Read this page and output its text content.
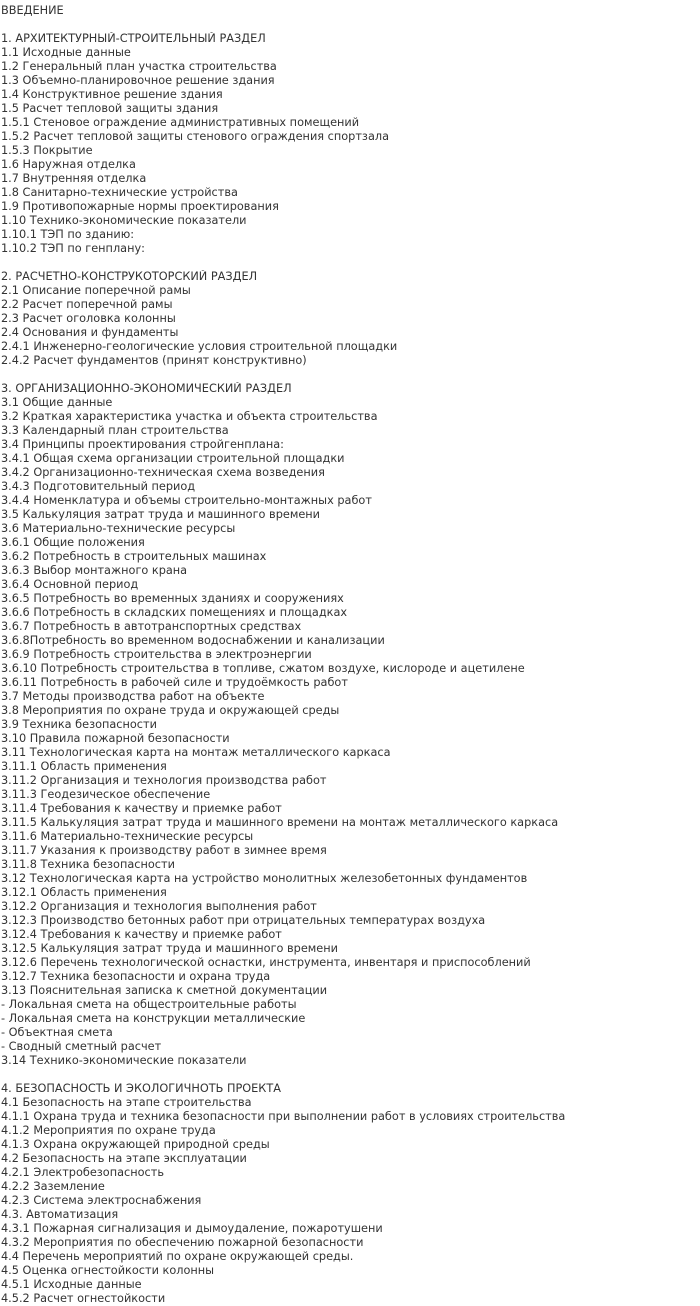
ВВЕДЕНИЕ
1. АРХИТЕКТУРНЫЙ-СТРОИТЕЛЬНЫЙ РАЗДЕЛ
1.1 Исходные данные
1.2 Генеральный план участка строительства
1.3 Объемно-планировочное решение здания
1.4 Конструктивное решение здания
1.5 Расчет тепловой защиты здания
1.5.1 Стеновое ограждение административных помещений
1.5.2 Расчет тепловой защиты стенового ограждения спортзала
1.5.3 Покрытие
1.6 Наружная отделка
1.7 Внутренняя отделка
1.8 Санитарно-технические устройства
1.9 Противопожарные нормы проектирования
1.10 Технико-экономические показатели
1.10.1 ТЭП по зданию:
1.10.2 ТЭП по генплану:
2. РАСЧЕТНО-КОНСТРУКОТОРСКИЙ РАЗДЕЛ
2.1 Описание поперечной рамы
2.2 Расчет поперечной рамы
2.3 Расчет оголовка колонны
2.4 Основания и фундаменты
2.4.1 Инженерно-геологические условия строительной площадки
2.4.2 Расчет фундаментов (принят конструктивно)
3. ОРГАНИЗАЦИОННО-ЭКОНОМИЧЕСКИЙ РАЗДЕЛ
3.1 Общие данные
3.2 Краткая характеристика участка и объекта строительства
3.3 Календарный план строительства
3.4 Принципы проектирования стройгенплана:
3.4.1 Общая схема организации строительной площадки
3.4.2 Организационно-техническая схема возведения
3.4.3 Подготовительный период
3.4.4 Номенклатура и объемы строительно-монтажных работ
3.5 Калькуляция затрат труда и машинного времени
3.6 Материально-технические ресурсы
3.6.1 Общие положения
3.6.2 Потребность в строительных машинах
3.6.3 Выбор монтажного крана
3.6.4 Основной период
3.6.5 Потребность во временных зданиях и сооружениях
3.6.6 Потребность в складских помещениях и площадках
3.6.7 Потребность в автотранспортных средствах
3.6.8Потребность во временном водоснабжении и канализации
3.6.9 Потребность строительства в электроэнергии
3.6.10 Потребность строительства в топливе, сжатом воздухе, кислороде и ацетилене
3.6.11 Потребность в рабочей силе и трудоёмкость работ
3.7 Методы производства работ на объекте
3.8 Мероприятия по охране труда и окружающей среды
3.9 Техника безопасности
3.10 Правила пожарной безопасности
3.11 Технологическая карта на монтаж металлического каркаса
3.11.1 Область применения
3.11.2 Организация и технология производства работ
3.11.3 Геодезическое обеспечение
3.11.4 Требования к качеству и приемке работ
3.11.5 Калькуляция затрат труда и машинного времени на монтаж металлического каркаса
3.11.6 Материально-технические ресурсы
3.11.7 Указания к производству работ в зимнее время
3.11.8 Техника безопасности
3.12 Технологическая карта на устройство монолитных железобетонных фундаментов
3.12.1 Область применения
3.12.2 Организация и технология выполнения работ
3.12.3 Производство бетонных работ при отрицательных температурах воздуха
3.12.4 Требования к качеству и приемке работ
3.12.5 Калькуляция затрат труда и машинного времени
3.12.6 Перечень технологической оснастки, инструмента, инвентаря и приспособлений
3.12.7 Техника безопасности и охрана труда
3.13 Пояснительная записка к сметной документации
- Локальная смета на общестроительные работы
- Локальная смета на конструкции металлические
- Объектная смета
- Сводный сметный расчет
3.14 Технико-экономические показатели
4. БЕЗОПАСНОСТЬ И ЭКОЛОГИЧНОТЬ ПРОЕКТА
4.1 Безопасность на этапе строительства
4.1.1 Охрана труда и техника безопасности при выполнении работ в условиях строительства
4.1.2 Мероприятия по охране труда
4.1.3 Охрана окружающей природной среды
4.2 Безопасность на этапе эксплуатации
4.2.1 Электробезопасность
4.2.2 Заземление
4.2.3 Система электроснабжения
4.3. Автоматизация
4.3.1 Пожарная сигнализация и дымоудаление, пожаротушени
4.3.2 Мероприятия по обеспечению пожарной безопасности
4.4 Перечень мероприятий по охране окружающей среды.
4.5 Оценка огнестойкости колонны
4.5.1 Исходные данные
4.5.2 Расчет огнестойкости
